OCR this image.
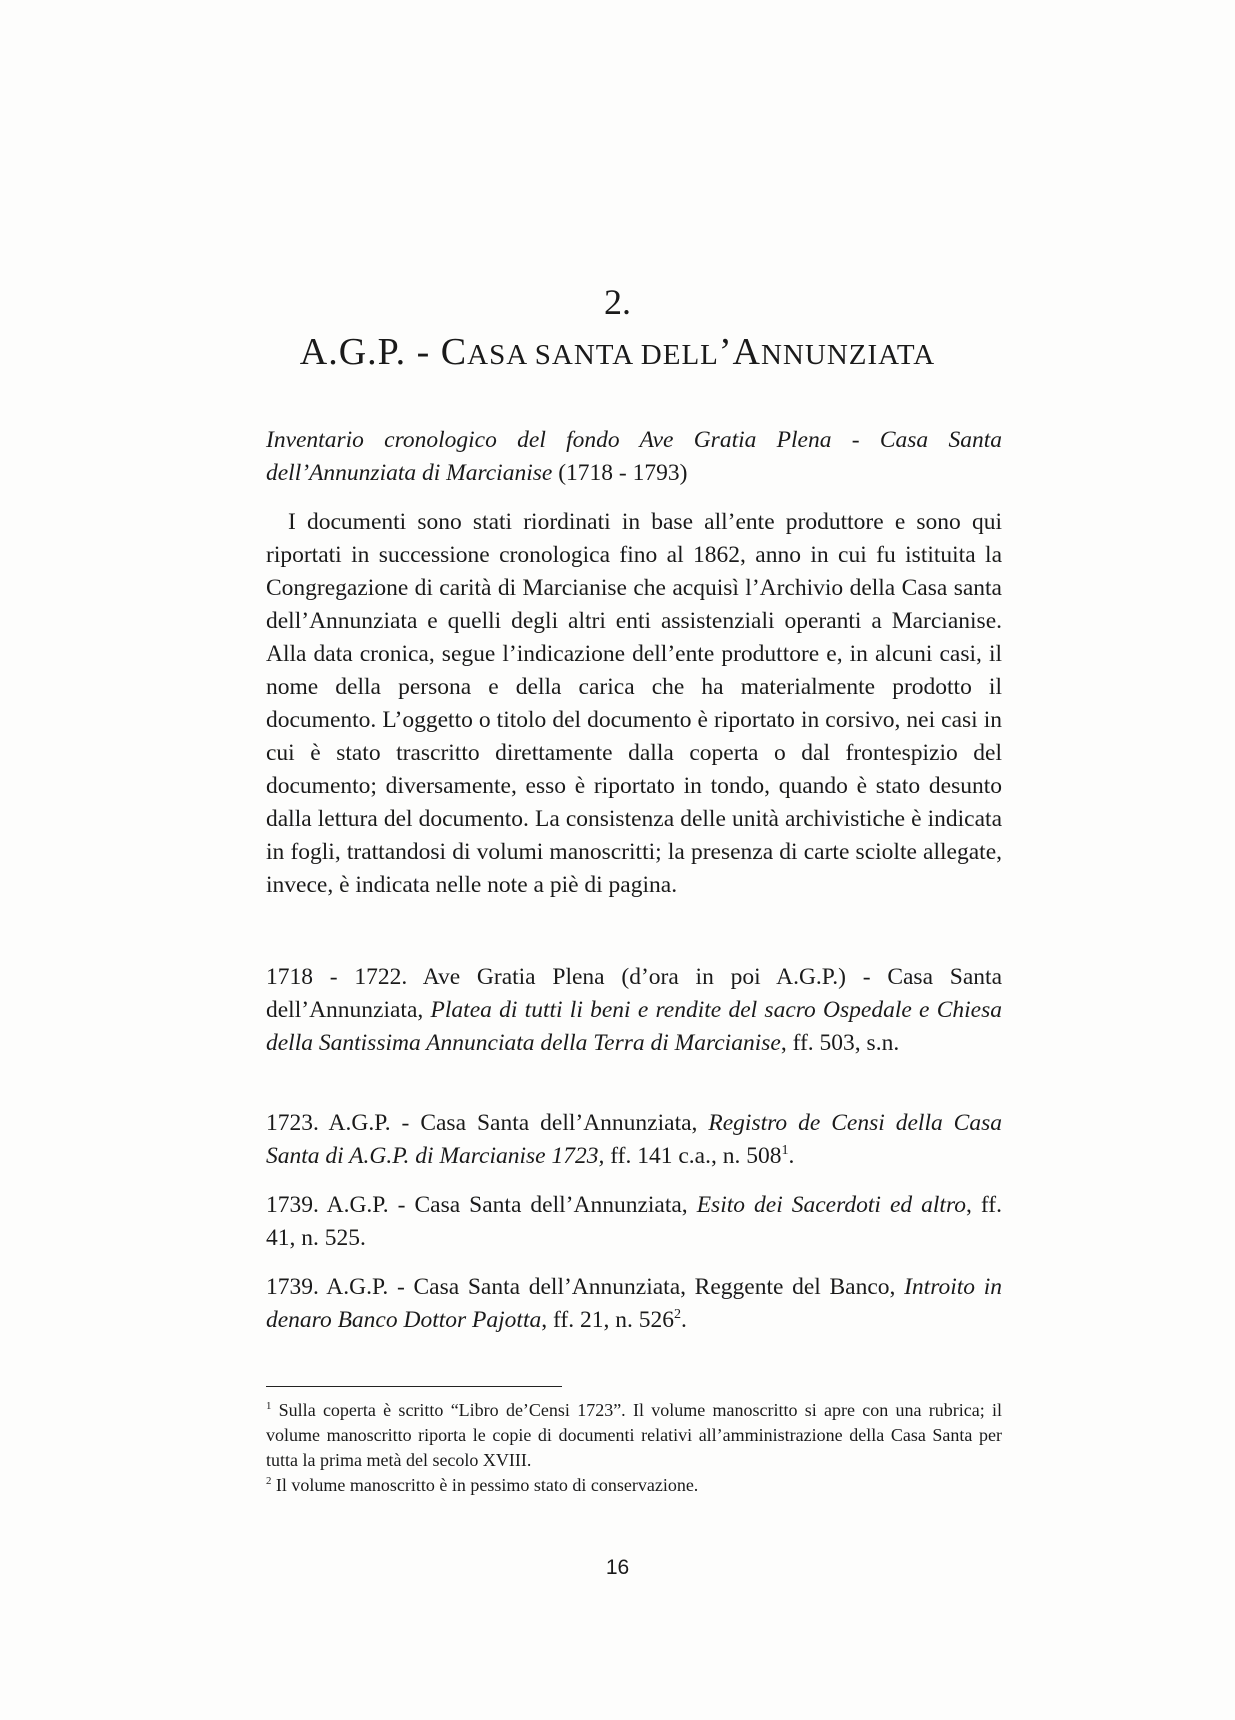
2.
A.G.P. - CASA SANTA DELL’ANNUNZIATA
Inventario cronologico del fondo Ave Gratia Plena - Casa Santa dell’Annunziata di Marcianise (1718 - 1793)
I documenti sono stati riordinati in base all’ente produttore e sono qui riportati in successione cronologica fino al 1862, anno in cui fu istituita la Congregazione di carità di Marcianise che acquisì l’Archivio della Casa santa dell’Annunziata e quelli degli altri enti assistenziali operanti a Marcianise. Alla data cronica, segue l’indicazione dell’ente produttore e, in alcuni casi, il nome della persona e della carica che ha materialmente prodotto il documento. L’oggetto o titolo del documento è riportato in corsivo, nei casi in cui è stato trascritto direttamente dalla coperta o dal frontespizio del documento; diversamente, esso è riportato in tondo, quando è stato desunto dalla lettura del documento. La consistenza delle unità archivistiche è indicata in fogli, trattandosi di volumi manoscritti; la presenza di carte sciolte allegate, invece, è indicata nelle note a piè di pagina.
1718 - 1722. Ave Gratia Plena (d’ora in poi A.G.P.) - Casa Santa dell’Annunziata, Platea di tutti li beni e rendite del sacro Ospedale e Chiesa della Santissima Annunciata della Terra di Marcianise, ff. 503, s.n.
1723. A.G.P. - Casa Santa dell’Annunziata, Registro de Censi della Casa Santa di A.G.P. di Marcianise 1723, ff. 141 c.a., n. $508^1$.
1739. A.G.P. - Casa Santa dell’Annunziata, Esito dei Sacerdoti ed altro, ff. 41, n. 525.
1739. A.G.P. - Casa Santa dell’Annunziata, Reggente del Banco, Introito in denaro Banco Dottor Pajotta, ff. 21, n. $526^2$.

$^1$ Sulla coperta è scritto “Libro de’Censi 1723”. Il volume manoscritto si apre con una rubrica; il volume manoscritto riporta le copie di documenti relativi all’amministrazione della Casa Santa per tutta la prima metà del secolo XVIII.

$^2$ Il volume manoscritto è in pessimo stato di conservazione.

16
